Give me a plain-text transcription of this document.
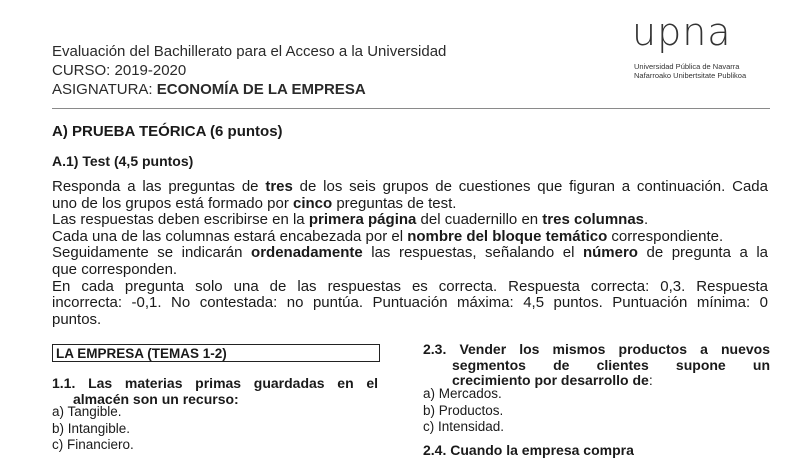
Evaluación del Bachillerato para el Acceso a la Universidad
CURSO: 2019-2020
ASIGNATURA: ECONOMÍA DE LA EMPRESA
upna
Universidad Pública de Navarra
Nafarroako Unibertsitate Publikoa
A) PRUEBA TEÓRICA (6 puntos)
A.1) Test (4,5 puntos)
Responda a las preguntas de tres de los seis grupos de cuestiones que figuran a continuación. Cada
uno de los grupos está formado por cinco preguntas de test.
Las respuestas deben escribirse en la primera página del cuadernillo en tres columnas.
Cada una de las columnas estará encabezada por el nombre del bloque temático correspondiente.
Seguidamente se indicarán ordenadamente las respuestas, señalando el número de pregunta a la
que corresponden.
En cada pregunta solo una de las respuestas es correcta. Respuesta correcta: 0,3. Respuesta
incorrecta: -0,1. No contestada: no puntúa. Puntuación máxima: 4,5 puntos. Puntuación mínima: 0
puntos.
LA EMPRESA (TEMAS 1-2)
1.1. Las materias primas guardadas en el
almacén son un recurso:
a) Tangible.
b) Intangible.
c) Financiero.
2.3. Vender los mismos productos a nuevos
segmentos de clientes supone un
crecimiento por desarrollo de:
a) Mercados.
b) Productos.
c) Intensidad.
2.4. Cuando la empresa compra
